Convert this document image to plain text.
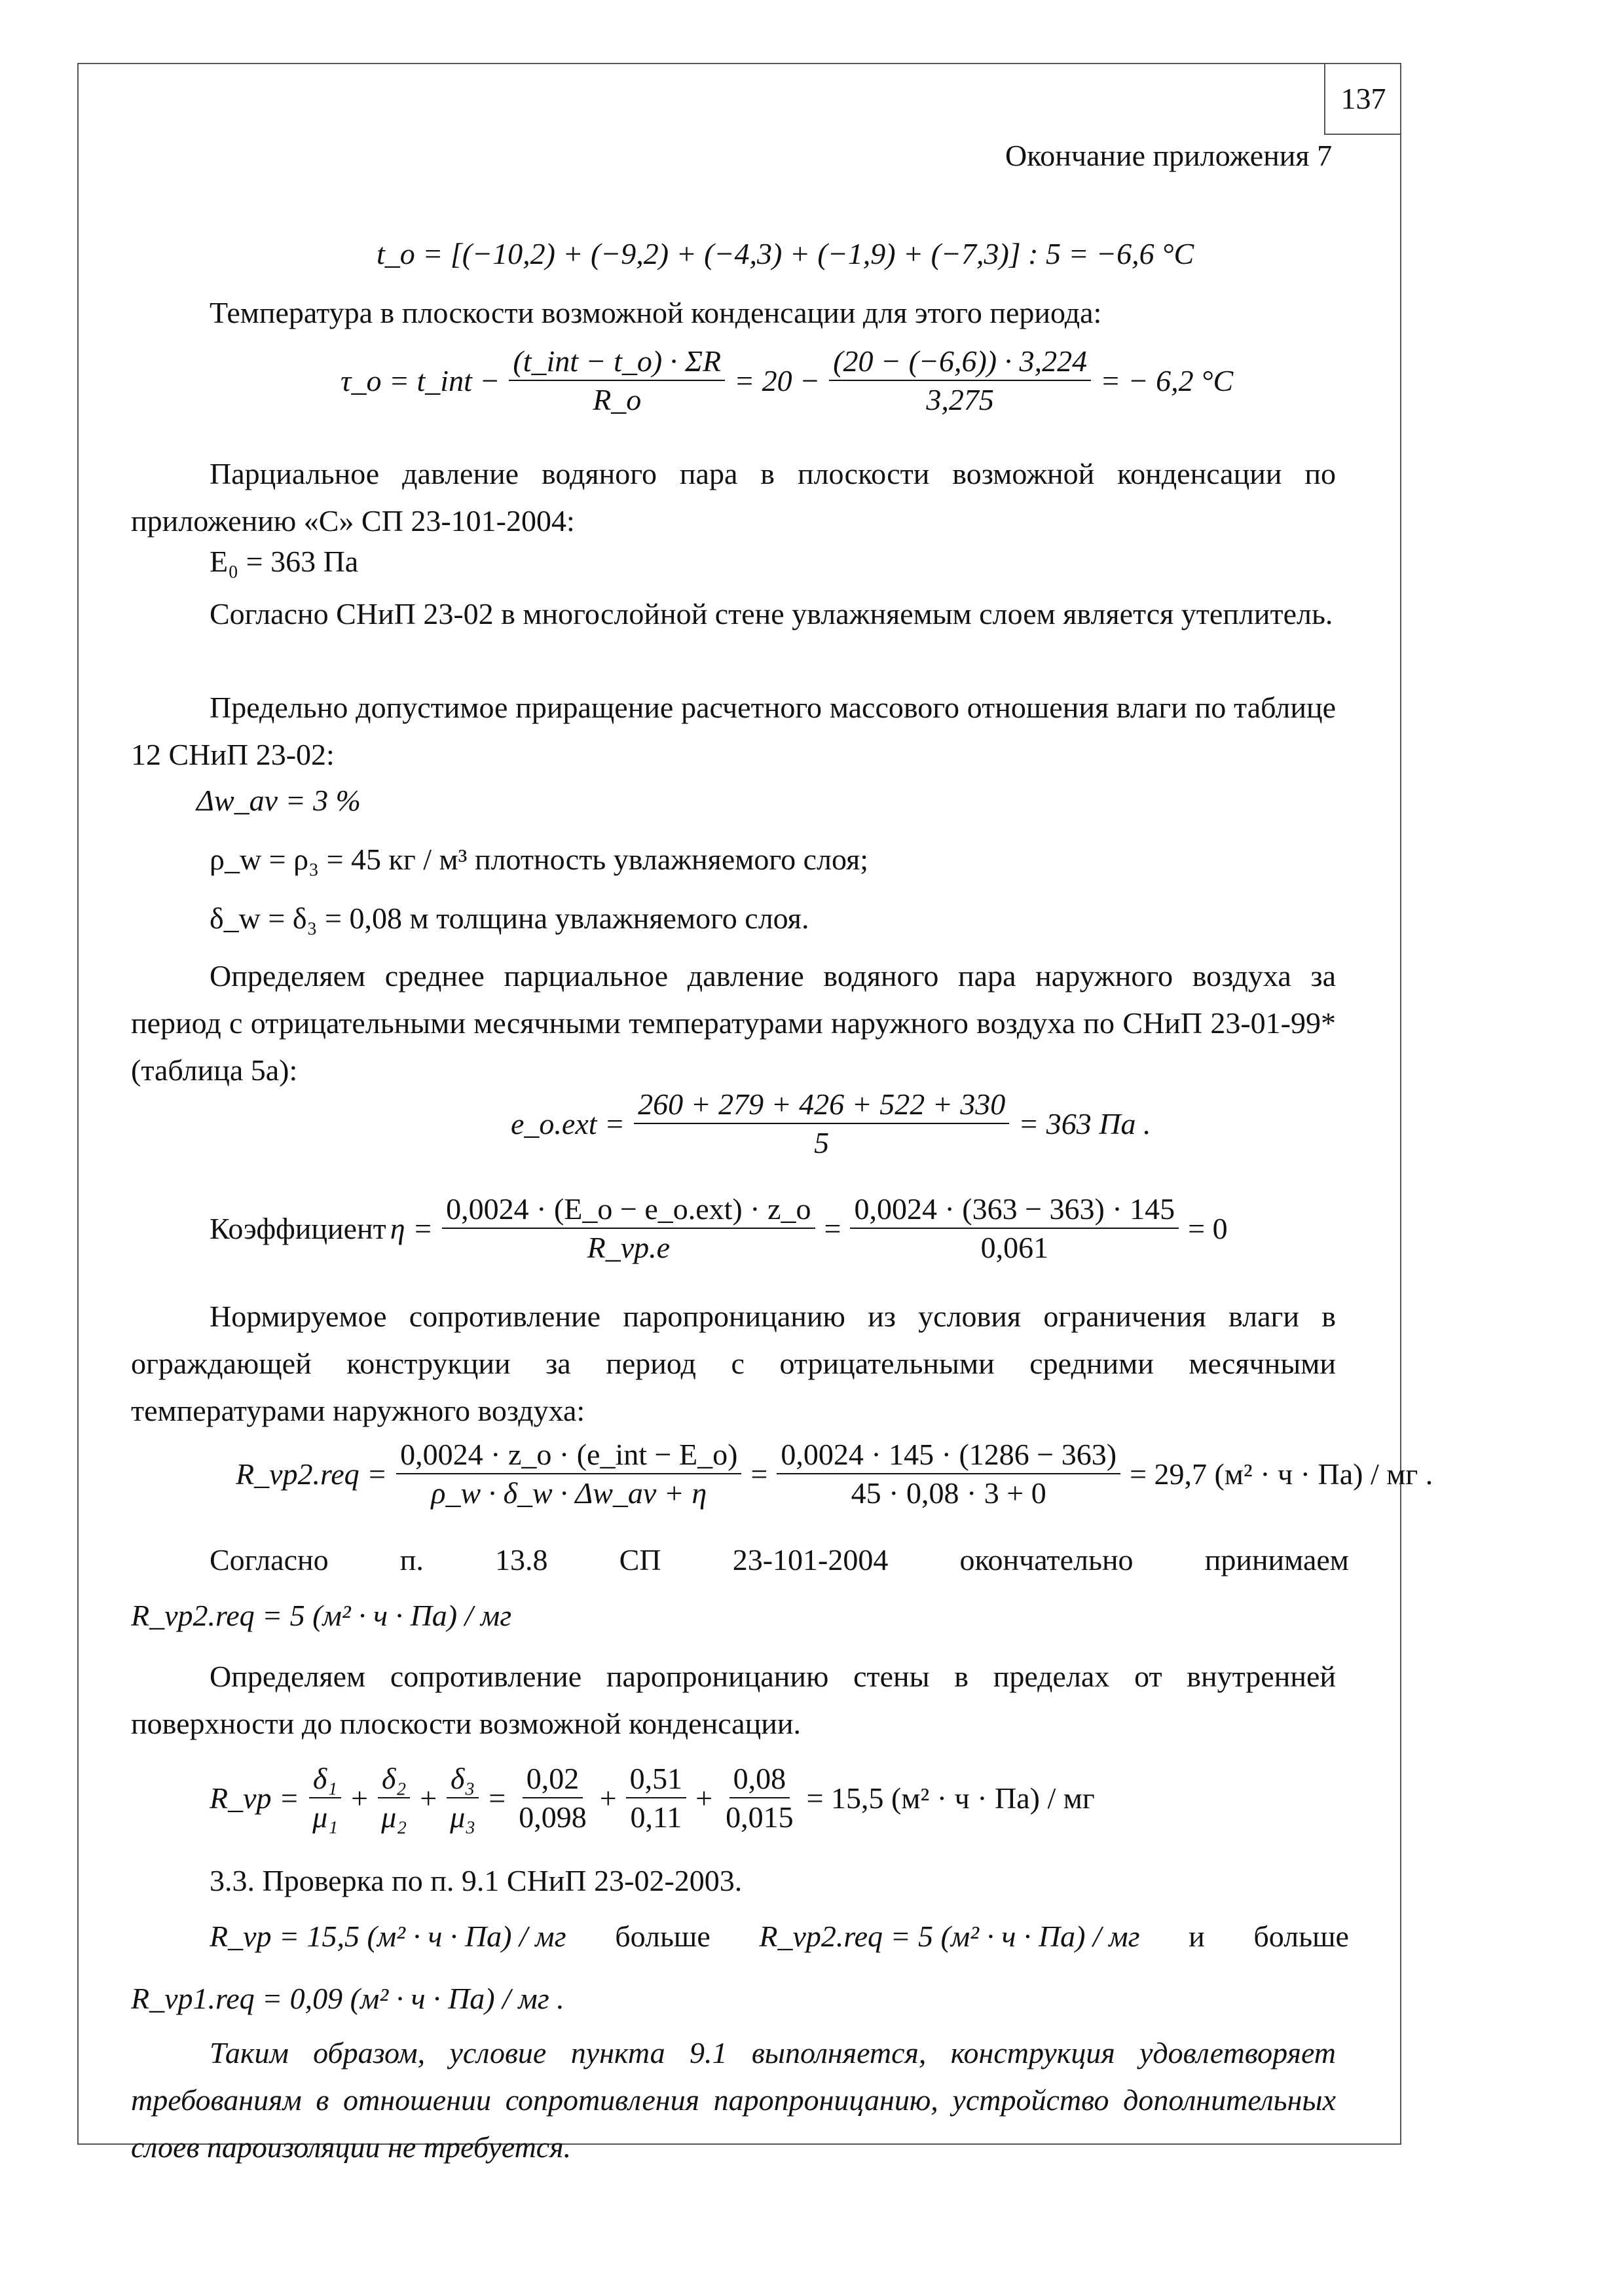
137
Окончание приложения 7
t_o = [(−10,2) + (−9,2) + (−4,3) + (−1,9) + (−7,3)] : 5 = −6,6 °C
Температура в плоскости возможной конденсации для этого периода:
τ_o = t_int − $\frac{\text{(t\_int − t\_o) · ΣR}}{R\_o} = 20 - \frac{(20 - (-6,6)) \cdot 3,224}{3,275}$ = − 6,2 °C
Парциальное давление водяного пара в плоскости возможной конденсации по приложению «С» СП 23-101-2004:
E₀ = 363 Па
Согласно СНиП 23-02 в многослойной стене увлажняемым слоем является утеплитель.
Предельно допустимое приращение расчетного массового отношения влаги по таблице 12 СНиП 23-02:
Δw_av = 3 %
ρ_w = ρ₃ = 45 кг / м³ плотность увлажняемого слоя;
δ_w = δ₃ = 0,08 м толщина увлажняемого слоя.
Определяем среднее парциальное давление водяного пара наружного воздуха за период с отрицательными месячными температурами наружного воздуха по СНиП 23-01-99* (таблица 5а):
e_o.ext = $\frac{260 + 279 + 426 + 522 + 330}{5} = 363$ Па .
Коэффициент $\eta = \frac{\text{0,0024 · (E\_o − e\_o.ext) · z\_o}}{R\_vp.e} = \frac{0,0024 \cdot (363 - 363) \cdot 145}{0,061} = 0$
Нормируемое сопротивление паропроницанию из условия ограничения влаги в ограждающей конструкции за период с отрицательными средними месячными температурами наружного воздуха:
R_vp2.req = $\frac{\text{0,0024 · z\_o · (e\_int − E\_o)}}{\rho\_w \cdot \delta\_w \cdot \Delta w\_av + \eta} = \frac{0,0024 \cdot 145 \cdot (1286 - 363)}{45 \cdot 0,08 \cdot 3 + 0} = 29,7$ (м² · ч · Па) / мг .
Согласно п. 13.8 СП 23-101-2004 окончательно принимаем
R_vp2.req = 5 (м² · ч · Па) / мг
Определяем сопротивление паропроницанию стены в пределах от внутренней поверхности до плоскости возможной конденсации.
R_vp = $\frac{\text{δ₁}}{\text{μ₁}} + \frac{\text{δ₂}}{\text{μ₂}} + \frac{\text{δ₃}}{\text{μ₃}} = \frac{0,02}{0,098} + \frac{0,51}{0,11} + \frac{0,08}{0,015} = 15,5$ (м² · ч · Па) / мг
3.3. Проверка по п. 9.1 СНиП 23-02-2003.
R_vp = 15,5 (м² · ч · Па) / мг больше R_vp2.req = 5 (м² · ч · Па) / мг и больше
R_vp1.req = 0,09 (м² · ч · Па) / мг .
Таким образом, условие пункта 9.1 выполняется, конструкция удовлетворяет требованиям в отношении сопротивления паропроницанию, устройство дополнительных слоев пароизоляции не требуется.
